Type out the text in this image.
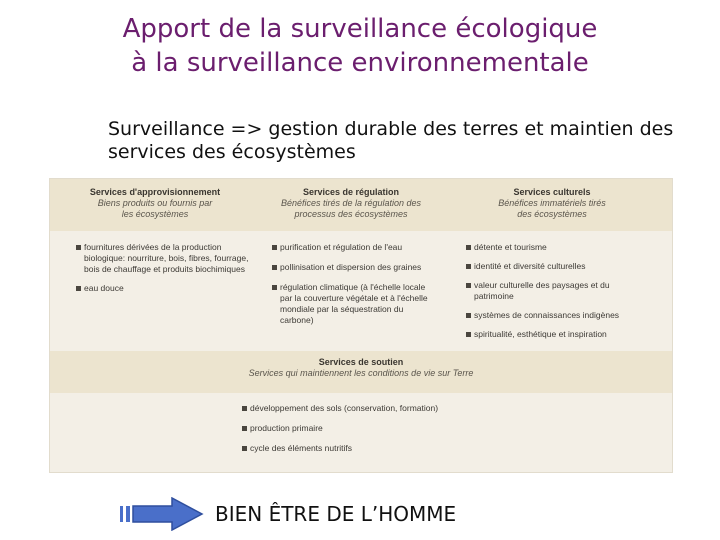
Apport de la surveillance écologique
à la surveillance environnementale
Surveillance => gestion durable des terres et maintien des services des écosystèmes
Services d'approvisionnement
Biens produits ou fournis par les écosystèmes
fournitures dérivées de la production biologique: nourriture, bois, fibres, fourrage, bois de chauffage et produits biochimiques
eau douce
Services de régulation
Bénéfices tirés de la régulation des processus des écosystèmes
purification et régulation de l'eau
pollinisation et dispersion des graines
régulation climatique (à l'échelle locale par la couverture végétale et à l'échelle mondiale par la séquestration du carbone)
Services culturels
Bénéfices immatériels tirés des écosystèmes
détente et tourisme
identité et diversité culturelles
valeur culturelle des paysages et du patrimoine
systèmes de connaissances indigènes
spiritualité, esthétique et inspiration
Services de soutien
Services qui maintiennent les conditions de vie sur Terre
développement des sols (conservation, formation)
production primaire
cycle des éléments nutritifs
BIEN ÊTRE DE L’HOMME
